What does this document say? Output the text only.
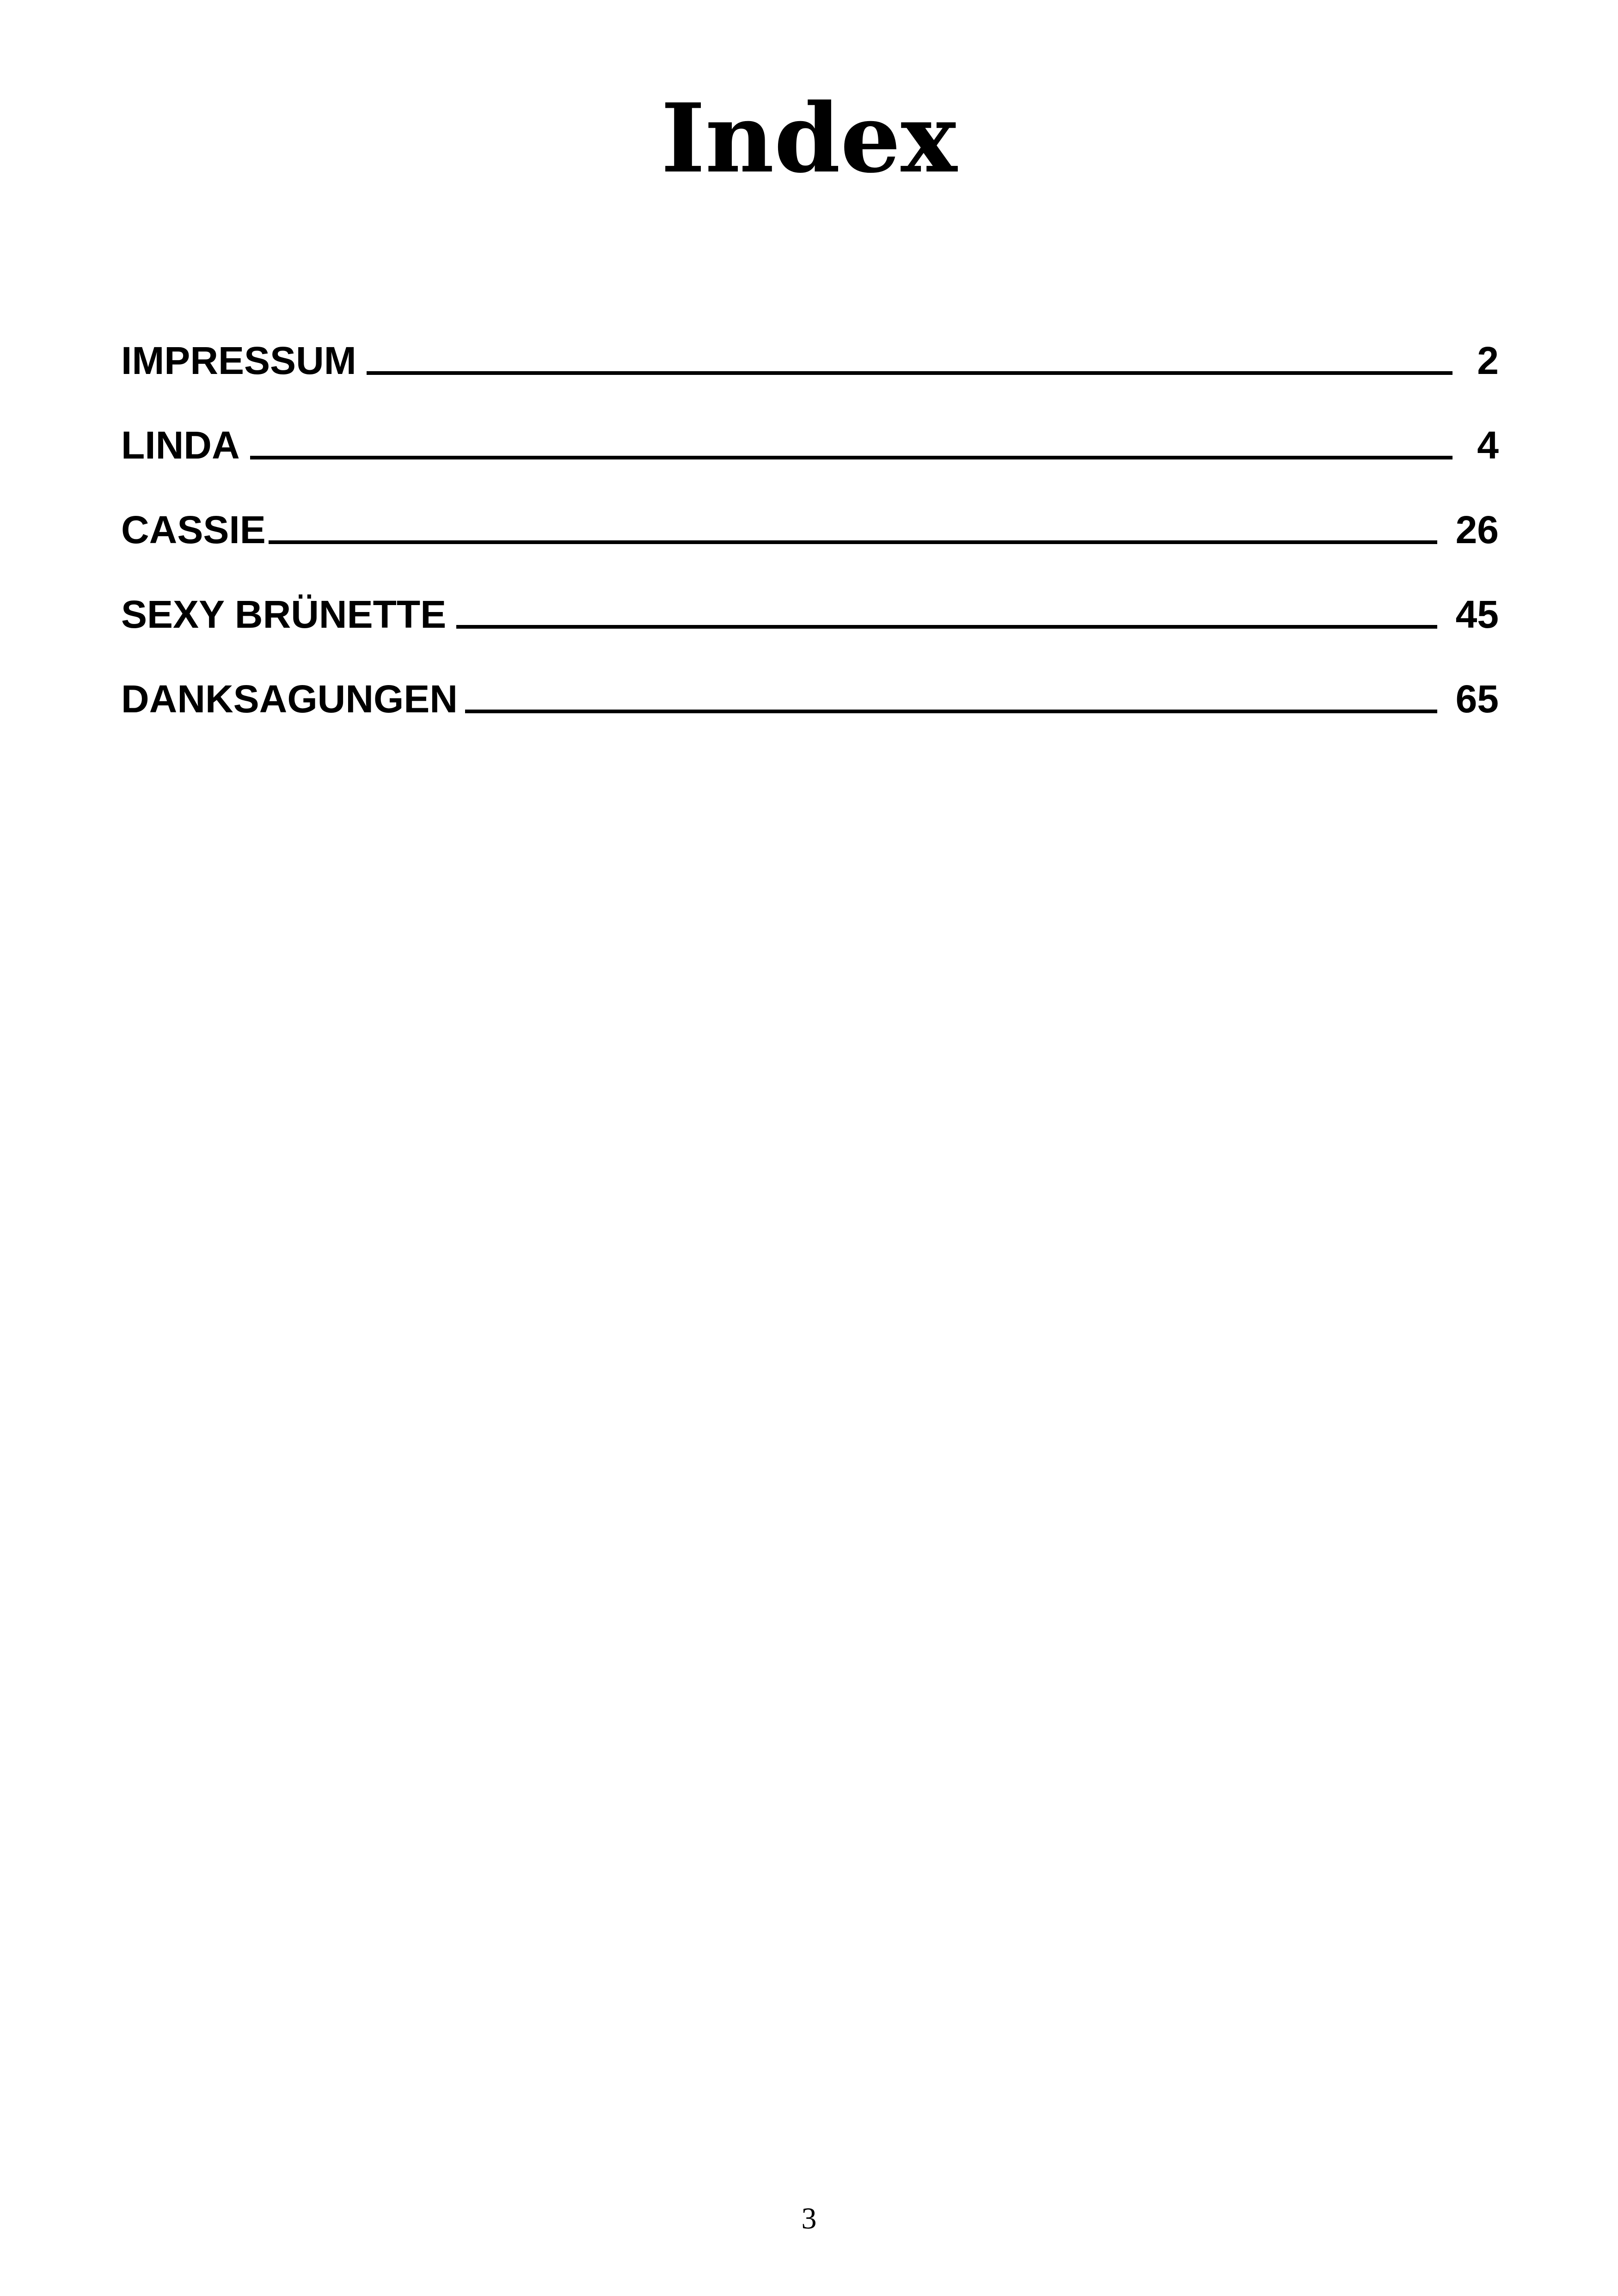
Index
IMPRESSUM	2
LINDA	4
CASSIE	26
SEXY BRÜNETTE	45
DANKSAGUNGEN	65
3
